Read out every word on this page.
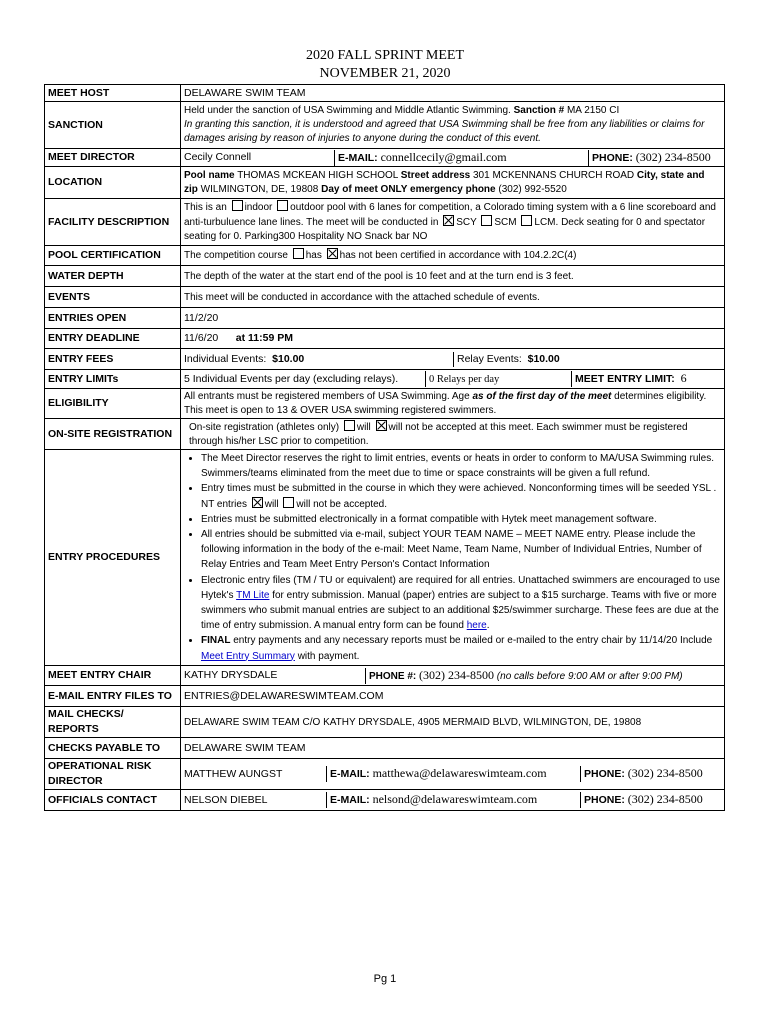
2020 FALL SPRINT MEET
NOVEMBER 21, 2020
MEET HOST	DELAWARE SWIM TEAM
SANCTION	Held under the sanction of USA Swimming and Middle Atlantic Swimming. Sanction # MA 2150 CI
In granting this sanction, it is understood and agreed that USA Swimming shall be free from any liabilities or claims for damages arising by reason of injuries to anyone during the conduct of this event.
MEET DIRECTOR		Cecily Connell	E-MAIL: connellcecily@gmail.com	PHONE: (302) 234-8500

LOCATION	Pool name THOMAS MCKEAN HIGH SCHOOL Street address 301 MCKENNANS CHURCH ROAD City, state and zip WILMINGTON, DE, 19808 Day of meet ONLY emergency phone (302) 992-5520
FACILITY DESCRIPTION	This is an indoor outdoor pool with 6 lanes for competition, a Colorado timing system with a 6 line scoreboard and anti-turbuluence lane lines. The meet will be conducted in SCY SCM LCM. Deck seating for 0 and spectator seating for 0. Parking300 Hospitality NO Snack bar NO
POOL CERTIFICATION	The competition course has has not been certified in accordance with 104.2.2C(4)
WATER DEPTH	The depth of the water at the start end of the pool is 10 feet and at the turn end is 3 feet.
EVENTS	This meet will be conducted in accordance with the attached schedule of events.
ENTRIES OPEN	11/2/20
ENTRY DEADLINE	11/6/20 at 11:59 PM
ENTRY FEES		Individual Events: $10.00	Relay Events: $10.00

ENTRY LIMITs		5 Individual Events per day (excluding relays).	0 Relays per day	MEET ENTRY LIMIT: 6

ELIGIBILITY	All entrants must be registered members of USA Swimming. Age as of the first day of the meet determines eligibility. This meet is open to 13 & OVER USA swimming registered swimmers.
ON-SITE REGISTRATION	On-site registration (athletes only) will will not be accepted at this meet. Each swimmer must be registered through his/her LSC prior to competition.
ENTRY PROCEDURES	
• The Meet Director reserves the right to limit entries, events or heats in order to conform to MA/USA Swimming rules. Swimmers/teams eliminated from the meet due to time or space constraints will be given a full refund.
• Entry times must be submitted in the course in which they were achieved. Nonconforming times will be seeded YSL . NT entries will will not be accepted.
• Entries must be submitted electronically in a format compatible with Hytek meet management software.
• All entries should be submitted via e-mail, subject YOUR TEAM NAME – MEET NAME entry. Please include the following information in the body of the e-mail: Meet Name, Team Name, Number of Individual Entries, Number of Relay Entries and Team Meet Entry Person's Contact Information
• Electronic entry files (TM / TU or equivalent) are required for all entries. Unattached swimmers are encouraged to use Hytek's TM Lite for entry submission. Manual (paper) entries are subject to a $15 surcharge. Teams with five or more swimmers who submit manual entries are subject to an additional $25/swimmer surcharge. These fees are due at the time of entry submission. A manual entry form can be found here.
• FINAL entry payments and any necessary reports must be mailed or e-mailed to the entry chair by 11/14/20 Include Meet Entry Summary with payment.

MEET ENTRY CHAIR		KATHY DRYSDALE	PHONE #: (302) 234-8500 (no calls before 9:00 AM or after 9:00 PM)

E-MAIL ENTRY FILES TO	ENTRIES@DELAWARESWIMTEAM.COM
MAIL CHECKS/ REPORTS	DELAWARE SWIM TEAM C/O KATHY DRYSDALE, 4905 MERMAID BLVD, WILMINGTON, DE, 19808
CHECKS PAYABLE TO	DELAWARE SWIM TEAM
OPERATIONAL RISK DIRECTOR	
MATTHEW AUNGST	E-MAIL: matthewa@delawareswimteam.com	PHONE: (302) 234-8500

OFFICIALS CONTACT		NELSON DIEBEL	E-MAIL: nelsond@delawareswimteam.com	PHONE: (302) 234-8500
Pg 1
